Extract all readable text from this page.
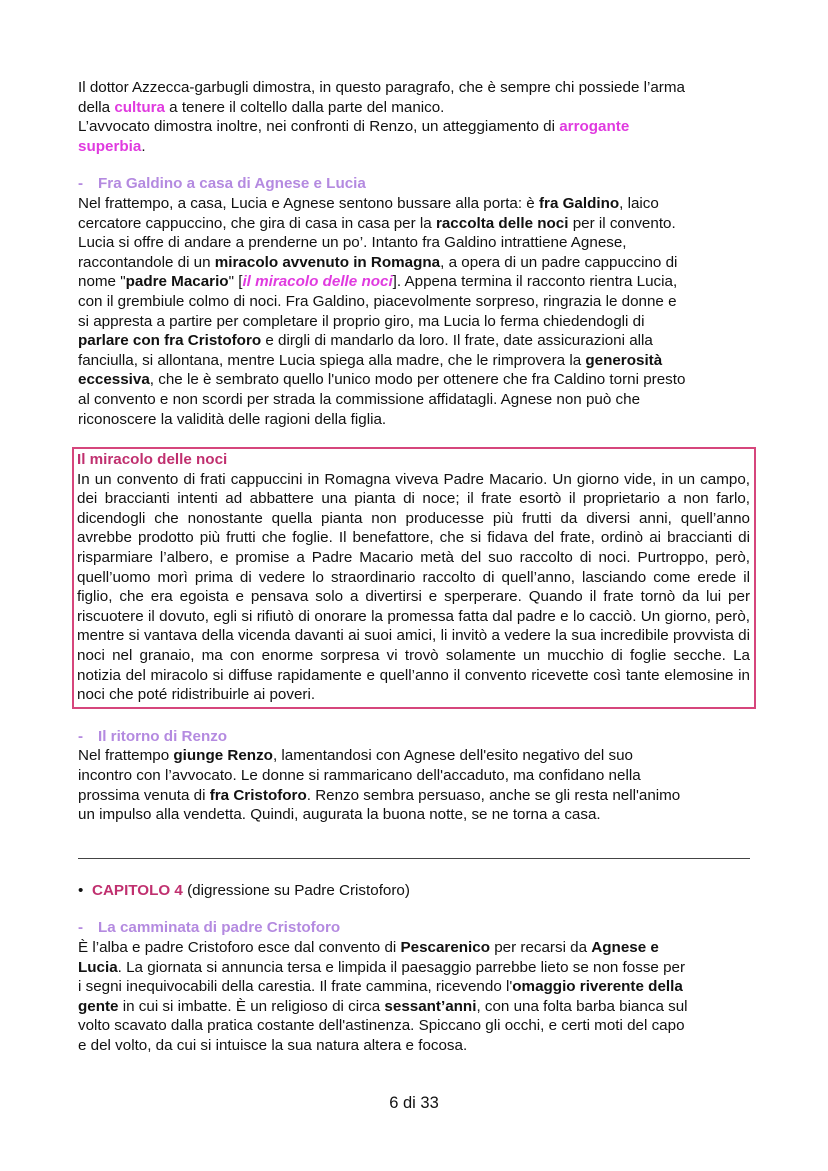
Il dottor Azzecca-garbugli dimostra, in questo paragrafo, che è sempre chi possiede l’arma

della cultura a tenere il coltello dalla parte del manico.

L’avvocato dimostra inoltre, nei confronti di Renzo, un atteggiamento di arrogante

superbia.

- Fra Galdino a casa di Agnese e Lucia

Nel frattempo, a casa, Lucia e Agnese sentono bussare alla porta: è fra Galdino, laico

cercatore cappuccino, che gira di casa in casa per la raccolta delle noci per il convento.

Lucia si offre di andare a prenderne un po’. Intanto fra Galdino intrattiene Agnese,

raccontandole di un miracolo avvenuto in Romagna, a opera di un padre cappuccino di

nome "padre Macario" [il miracolo delle noci]. Appena termina il racconto rientra Lucia,

con il grembiule colmo di noci. Fra Galdino, piacevolmente sorpreso, ringrazia le donne e

si appresta a partire per completare il proprio giro, ma Lucia lo ferma chiedendogli di

parlare con fra Cristoforo e dirgli di mandarlo da loro. Il frate, date assicurazioni alla

fanciulla, si allontana, mentre Lucia spiega alla madre, che le rimprovera la generosità

eccessiva, che le è sembrato quello l'unico modo per ottenere che fra Caldino torni presto

al convento e non scordi per strada la commissione affidatagli. Agnese non può che

riconoscere la validità delle ragioni della figlia.

Il miracolo delle noci

In un convento di frati cappuccini in Romagna viveva Padre Macario. Un giorno vide, in un campo, dei braccianti intenti ad abbattere una pianta di noce; il frate esortò il proprietario a non farlo, dicendogli che nonostante quella pianta non producesse più frutti da diversi anni, quell’anno avrebbe prodotto più frutti che foglie. Il benefattore, che si fidava del frate, ordinò ai braccianti di risparmiare l’albero, e promise a Padre Macario metà del suo raccolto di noci. Purtroppo, però, quell’uomo morì prima di vedere lo straordinario raccolto di quell’anno, lasciando come erede il figlio, che era egoista e pensava solo a divertirsi e sperperare. Quando il frate tornò da lui per riscuotere il dovuto, egli si rifiutò di onorare la promessa fatta dal padre e lo cacciò. Un giorno, però, mentre si vantava della vicenda davanti ai suoi amici, li invitò a vedere la sua incredibile provvista di noci nel granaio, ma con enorme sorpresa vi trovò solamente un mucchio di foglie secche. La notizia del miracolo si diffuse rapidamente e quell’anno il convento ricevette così tante elemosine in noci che poté ridistribuirle ai poveri.

- Il ritorno di Renzo

Nel frattempo giunge Renzo, lamentandosi con Agnese dell'esito negativo del suo

incontro con l’avvocato. Le donne si rammaricano dell'accaduto, ma confidano nella

prossima venuta di fra Cristoforo. Renzo sembra persuaso, anche se gli resta nell'animo

un impulso alla vendetta. Quindi, augurata la buona notte, se ne torna a casa.

• CAPITOLO 4 (digressione su Padre Cristoforo)

- La camminata di padre Cristoforo

È l’alba e padre Cristoforo esce dal convento di Pescarenico per recarsi da Agnese e

Lucia. La giornata si annuncia tersa e limpida il paesaggio parrebbe lieto se non fosse per

i segni inequivocabili della carestia. Il frate cammina, ricevendo l'omaggio riverente della

gente in cui si imbatte. È un religioso di circa sessant’anni, con una folta barba bianca sul

volto scavato dalla pratica costante dell'astinenza. Spiccano gli occhi, e certi moti del capo

e del volto, da cui si intuisce la sua natura altera e focosa.

6 di 33
